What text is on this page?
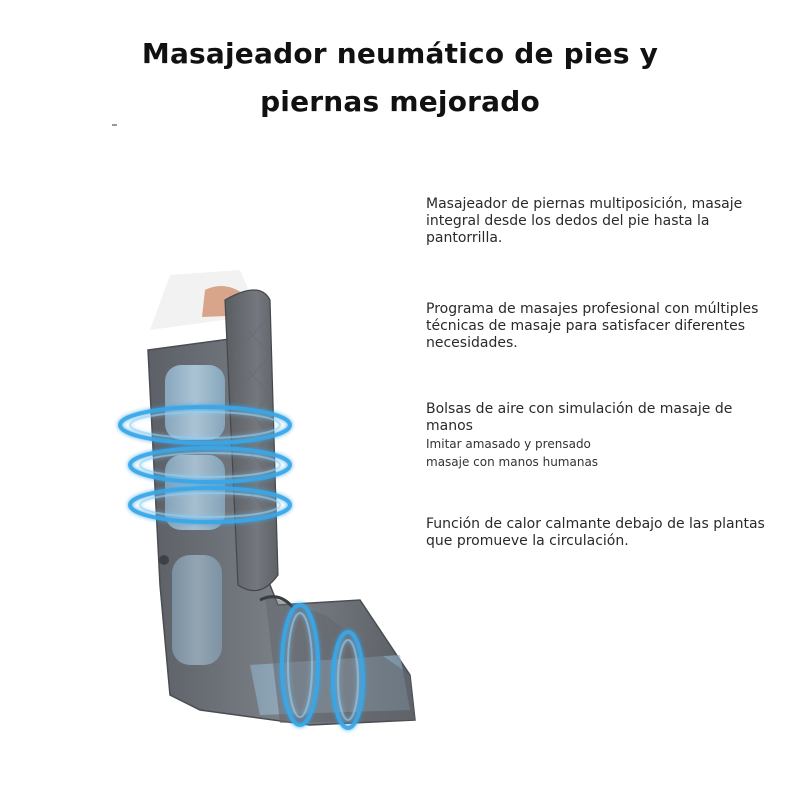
Masajeador neumático de pies y
piernas mejorado

Masajeador de piernas multiposición, masaje integral desde los dedos del pie hasta la pantorrilla.

Programa de masajes profesional con múltiples técnicas de masaje para satisfacer diferentes necesidades.

Bolsas de aire con simulación de masaje de manos

Imitar amasado y prensado

masaje con manos humanas

Función de calor calmante debajo de las plantas que promueve la circulación.
